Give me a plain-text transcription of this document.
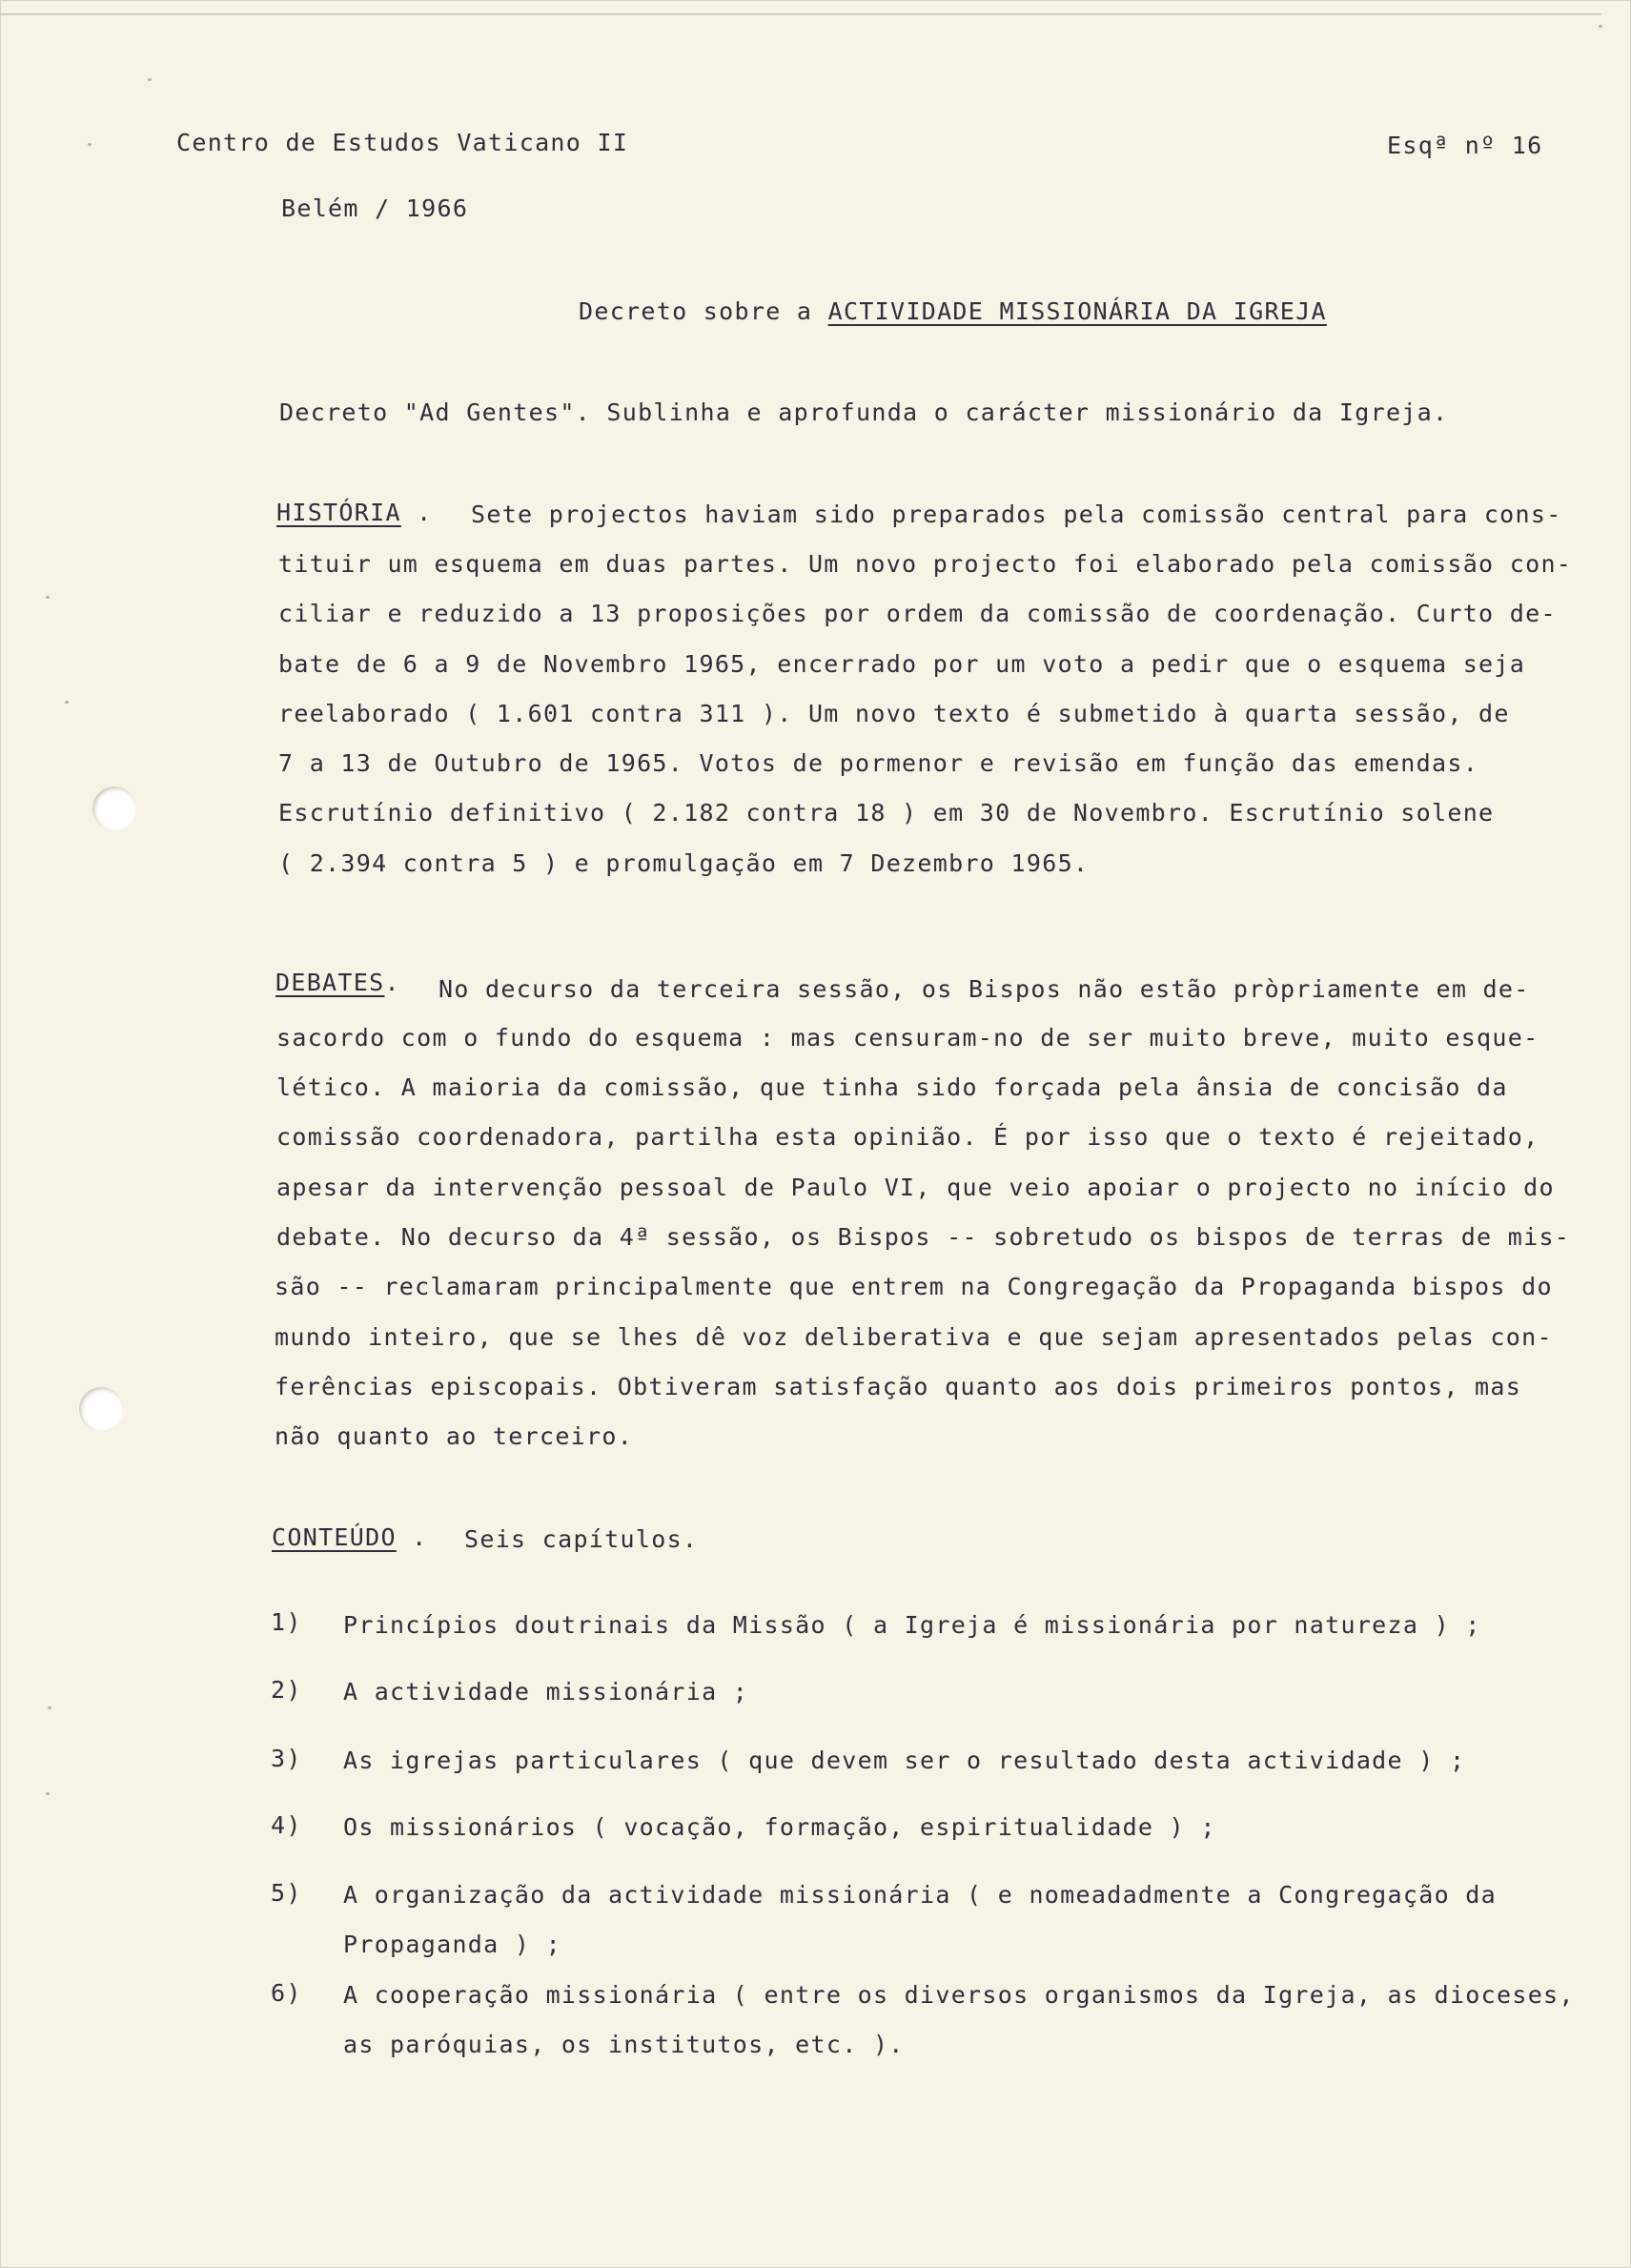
Centro de Estudos Vaticano II	Esqª nº 16
Belém / 1966
Decreto sobre a ACTIVIDADE MISSIONÁRIA DA IGREJA
Decreto "Ad Gentes". Sublinha e aprofunda o carácter missionário da Igreja.
HISTÓRIA . Sete projectos haviam sido preparados pela comissão central para cons-
tituir um esquema em duas partes. Um novo projecto foi elaborado pela comissão con-
ciliar e reduzido a 13 proposições por ordem da comissão de coordenação. Curto de-
bate de 6 a 9 de Novembro 1965, encerrado por um voto a pedir que o esquema seja
reelaborado ( 1.601 contra 311 ). Um novo texto é submetido à quarta sessão, de
7 a 13 de Outubro de 1965. Votos de pormenor e revisão em função das emendas.
Escrutínio definitivo ( 2.182 contra 18 ) em 30 de Novembro. Escrutínio solene
( 2.394 contra 5 ) e promulgação em 7 Dezembro 1965.
DEBATES. No decurso da terceira sessão, os Bispos não estão pròpriamente em de-
sacordo com o fundo do esquema : mas censuram-no de ser muito breve, muito esque-
lético. A maioria da comissão, que tinha sido forçada pela ânsia de concisão da
comissão coordenadora, partilha esta opinião. É por isso que o texto é rejeitado,
apesar da intervenção pessoal de Paulo VI, que veio apoiar o projecto no início do
debate. No decurso da 4ª sessão, os Bispos -- sobretudo os bispos de terras de mis-
são -- reclamaram principalmente que entrem na Congregação da Propaganda bispos do
mundo inteiro, que se lhes dê voz deliberativa e que sejam apresentados pelas con-
ferências episcopais. Obtiveram satisfação quanto aos dois primeiros pontos, mas
não quanto ao terceiro.
CONTEÚDO . Seis capítulos.
1) Princípios doutrinais da Missão ( a Igreja é missionária por natureza ) ;
2) A actividade missionária ;
3) As igrejas particulares ( que devem ser o resultado desta actividade ) ;
4) Os missionários ( vocação, formação, espiritualidade ) ;
5) A organização da actividade missionária ( e nomeadadmente a Congregação da
Propaganda ) ;
6) A cooperação missionária ( entre os diversos organismos da Igreja, as dioceses,
as paróquias, os institutos, etc. ).
